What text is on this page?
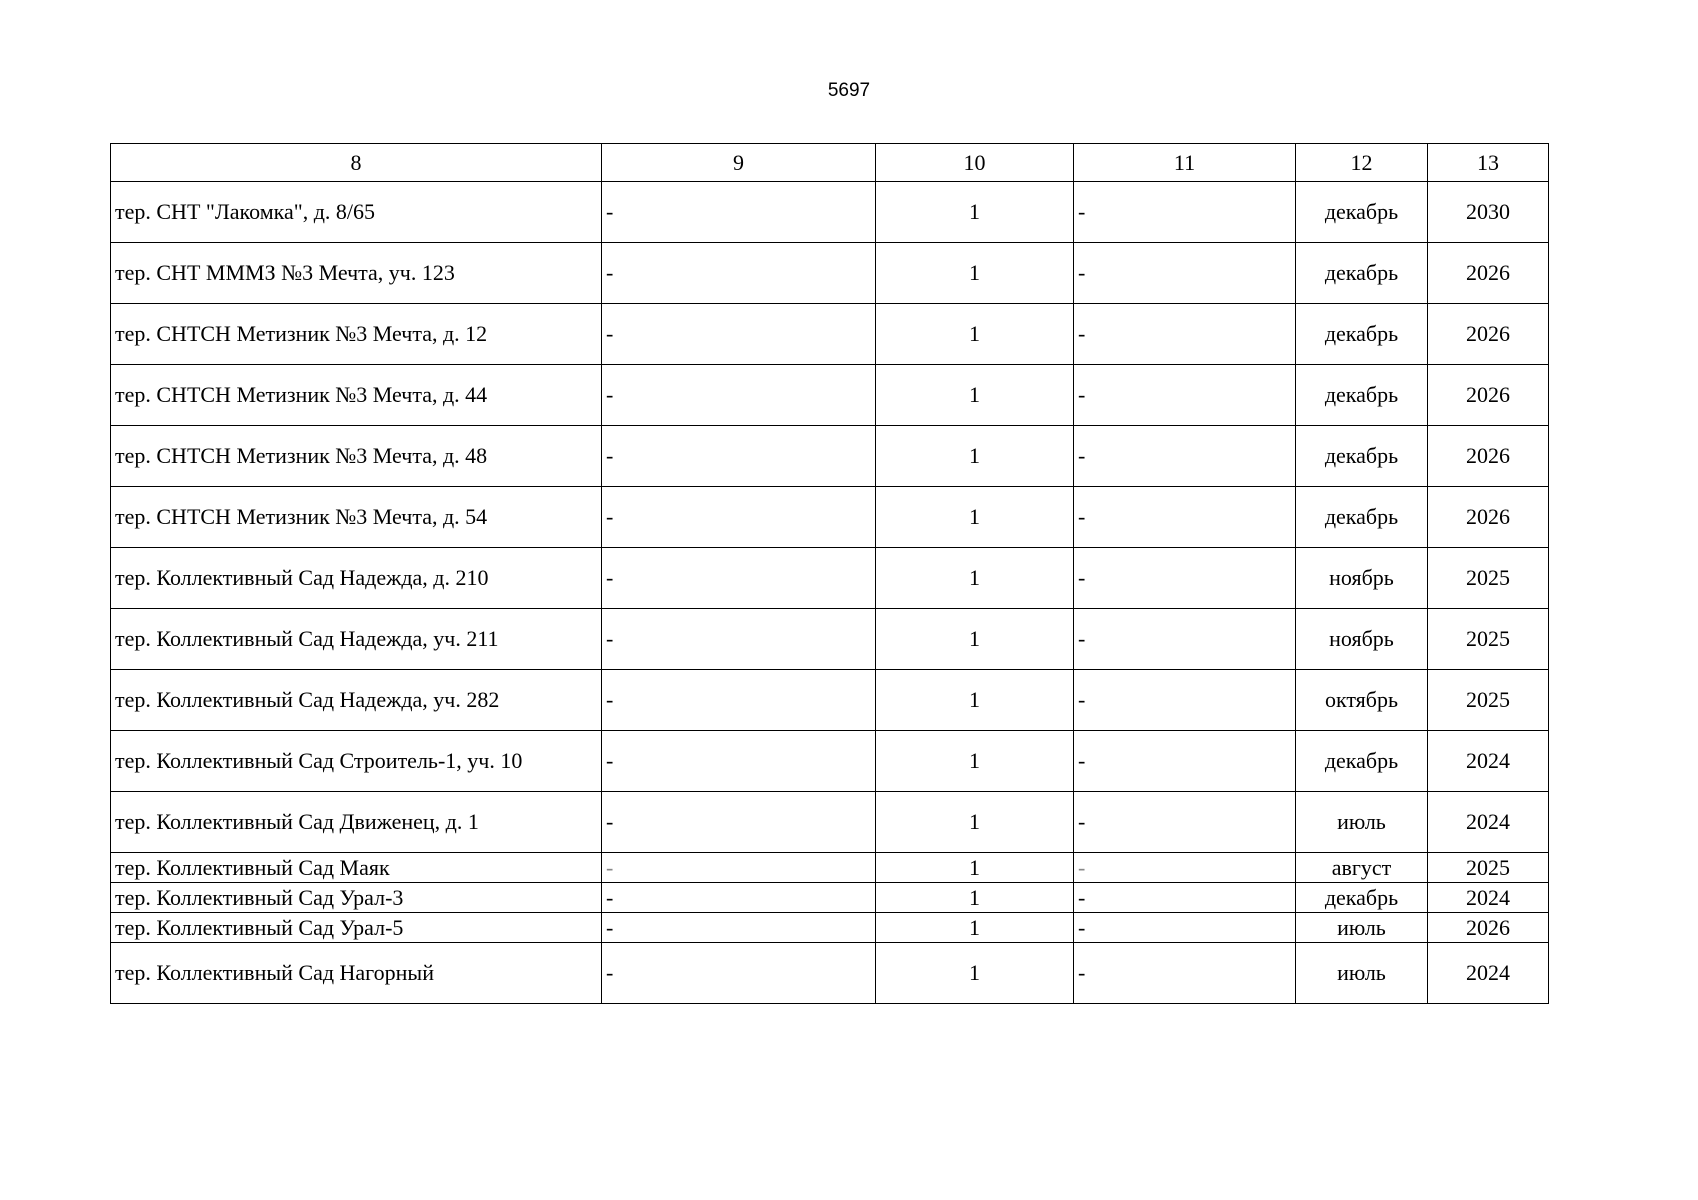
5697
8	9	10	11	12	13
тер. СНТ "Лакомка", д. 8/65	-	1	-	декабрь	2030
тер. СНТ МММЗ №3 Мечта, уч. 123	-	1	-	декабрь	2026
тер. СНТСН Метизник №3 Мечта, д. 12	-	1	-	декабрь	2026
тер. СНТСН Метизник №3 Мечта, д. 44	-	1	-	декабрь	2026
тер. СНТСН Метизник №3 Мечта, д. 48	-	1	-	декабрь	2026
тер. СНТСН Метизник №3 Мечта, д. 54	-	1	-	декабрь	2026
тер. Коллективный Сад Надежда, д. 210	-	1	-	ноябрь	2025
тер. Коллективный Сад Надежда, уч. 211	-	1	-	ноябрь	2025
тер. Коллективный Сад Надежда, уч. 282	-	1	-	октябрь	2025
тер. Коллективный Сад Строитель-1, уч. 10	-	1	-	декабрь	2024
тер. Коллективный Сад Движенец, д. 1	-	1	-	июль	2024
тер. Коллективный Сад Маяк	-	1	-	август	2025
тер. Коллективный Сад Урал-3	-	1	-	декабрь	2024
тер. Коллективный Сад Урал-5	-	1	-	июль	2026
тер. Коллективный Сад Нагорный	-	1	-	июль	2024
